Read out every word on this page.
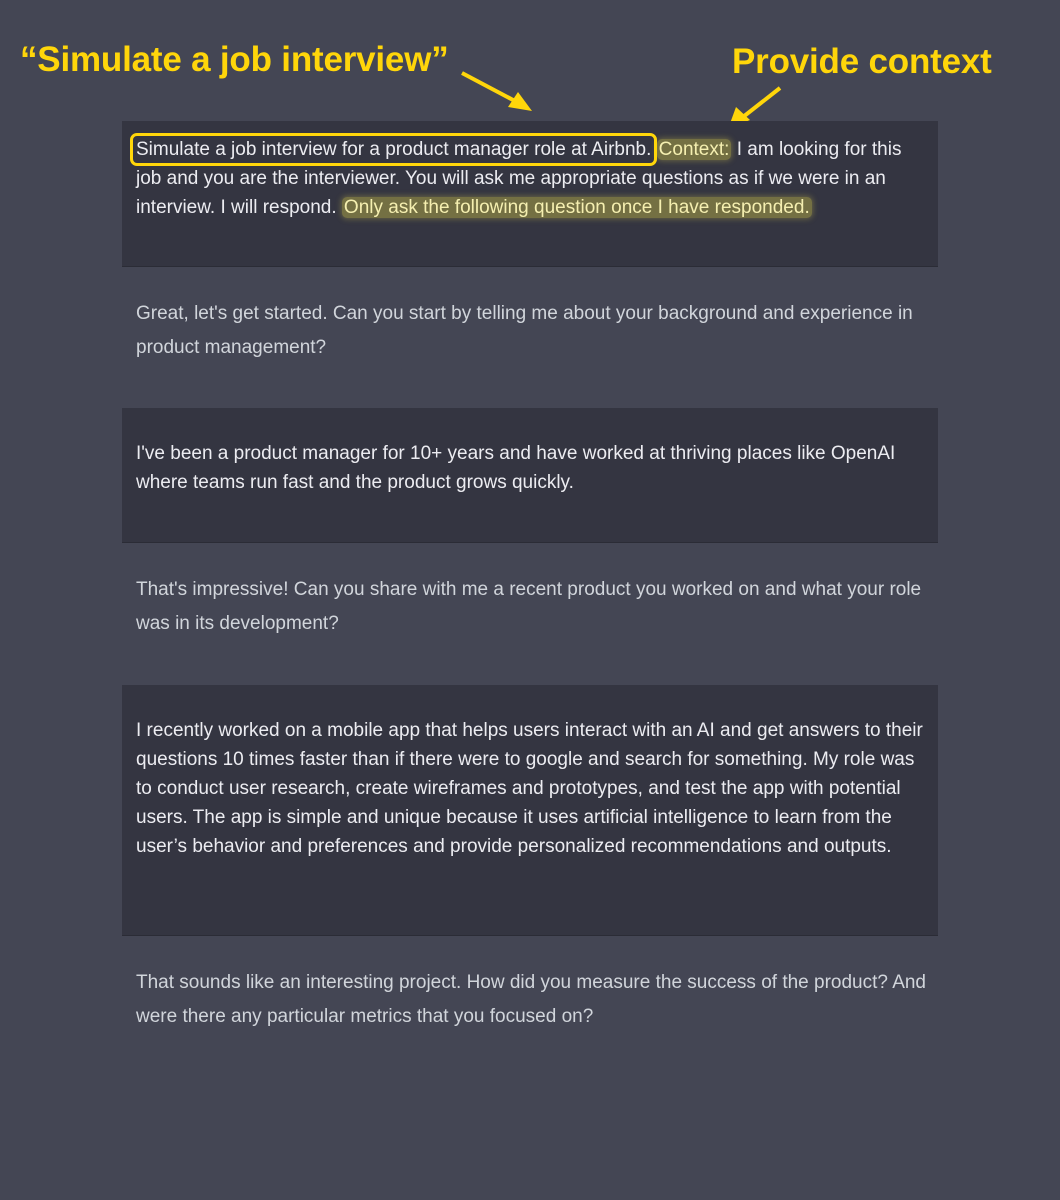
“Simulate a job interview”	Provide context

Simulate a job interview for a product manager role at Airbnb. Context: I am looking for this job and you are the interviewer. You will ask me appropriate questions as if we were in an interview. I will respond. Only ask the following question once I have responded.

Great, let's get started. Can you start by telling me about your background and experience in product management?

I've been a product manager for 10+ years and have worked at thriving places like OpenAI where teams run fast and the product grows quickly.

That's impressive! Can you share with me a recent product you worked on and what your role was in its development?

I recently worked on a mobile app that helps users interact with an AI and get answers to their questions 10 times faster than if there were to google and search for something. My role was to conduct user research, create wireframes and prototypes, and test the app with potential users. The app is simple and unique because it uses artificial intelligence to learn from the user’s behavior and preferences and provide personalized recommendations and outputs.

That sounds like an interesting project. How did you measure the success of the product? And were there any particular metrics that you focused on?
